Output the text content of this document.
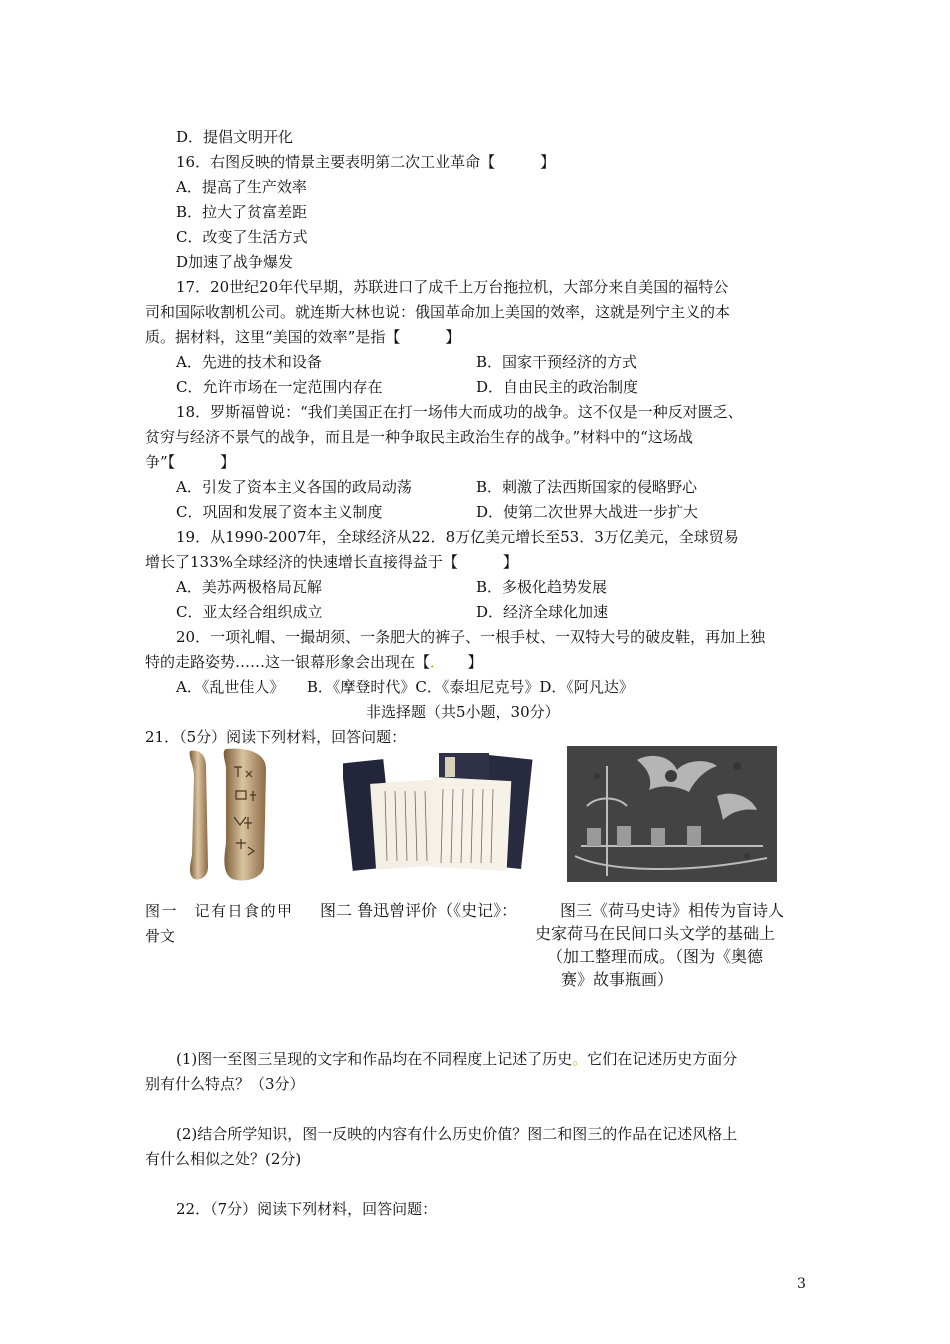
D．提倡文明开化
16．右图反映的情景主要表明第二次工业革命【　　　】
A．提高了生产效率
B．拉大了贫富差距
C．改变了生活方式
D加速了战争爆发
17．20世纪20年代早期，苏联进口了成千上万台拖拉机，大部分来自美国的福特公
司和国际收割机公司。就连斯大林也说：俄国革命加上美国的效率，这就是列宁主义的本
质。据材料，这里“美国的效率”是指【　　　】
A．先进的技术和设备	B．国家干预经济的方式
C．允许市场在一定范围内存在	D．自由民主的政治制度
18．罗斯福曾说：“我们美国正在打一场伟大而成功的战争。这不仅是一种反对匮乏、
贫穷与经济不景气的战争，而且是一种争取民主政治生存的战争。”材料中的“这场战
争”【　　　】
A．引发了资本主义各国的政局动荡	B．刺激了法西斯国家的侵略野心
C．巩固和发展了资本主义制度	D．使第二次世界大战进一步扩大
19．从1990-2007年，全球经济从22．8万亿美元增长至53．3万亿美元，全球贸易
增长了133%全球经济的快速增长直接得益于【　　　】
A．美苏两极格局瓦解	B．多极化趋势发展
C．亚太经合组织成立	D．经济全球化加速
20．一项礼帽、一撮胡须、一条肥大的裤子、一根手杖、一双特大号的破皮鞋，再加上独
特的走路姿势……这一银幕形象会出现在【．　　】
A．《乱世佳人》　　B．《摩登时代》C．《泰坦尼克号》D．《阿凡达》
非选择题（共5小题，30分）
21．（5分）阅读下列材料，回答问题：
图一　记有日食的甲
骨文
图二 鲁迅曾评价（《史记》：	图三《荷马史诗》相传为盲诗人
史家荷马在民间口头文学的基础上
（加工整理而成。（图为《奥德
赛》故事瓶画）
(1)图一至图三呈现的文字和作品均在不同程度上记述了历史。它们在记述历史方面分
别有什么特点？（3分）
(2)结合所学知识，图一反映的内容有什么历史价值？图二和图三的作品在记述风格上
有什么相似之处？(2分)
22．（7分）阅读下列材料，回答问题：
3
